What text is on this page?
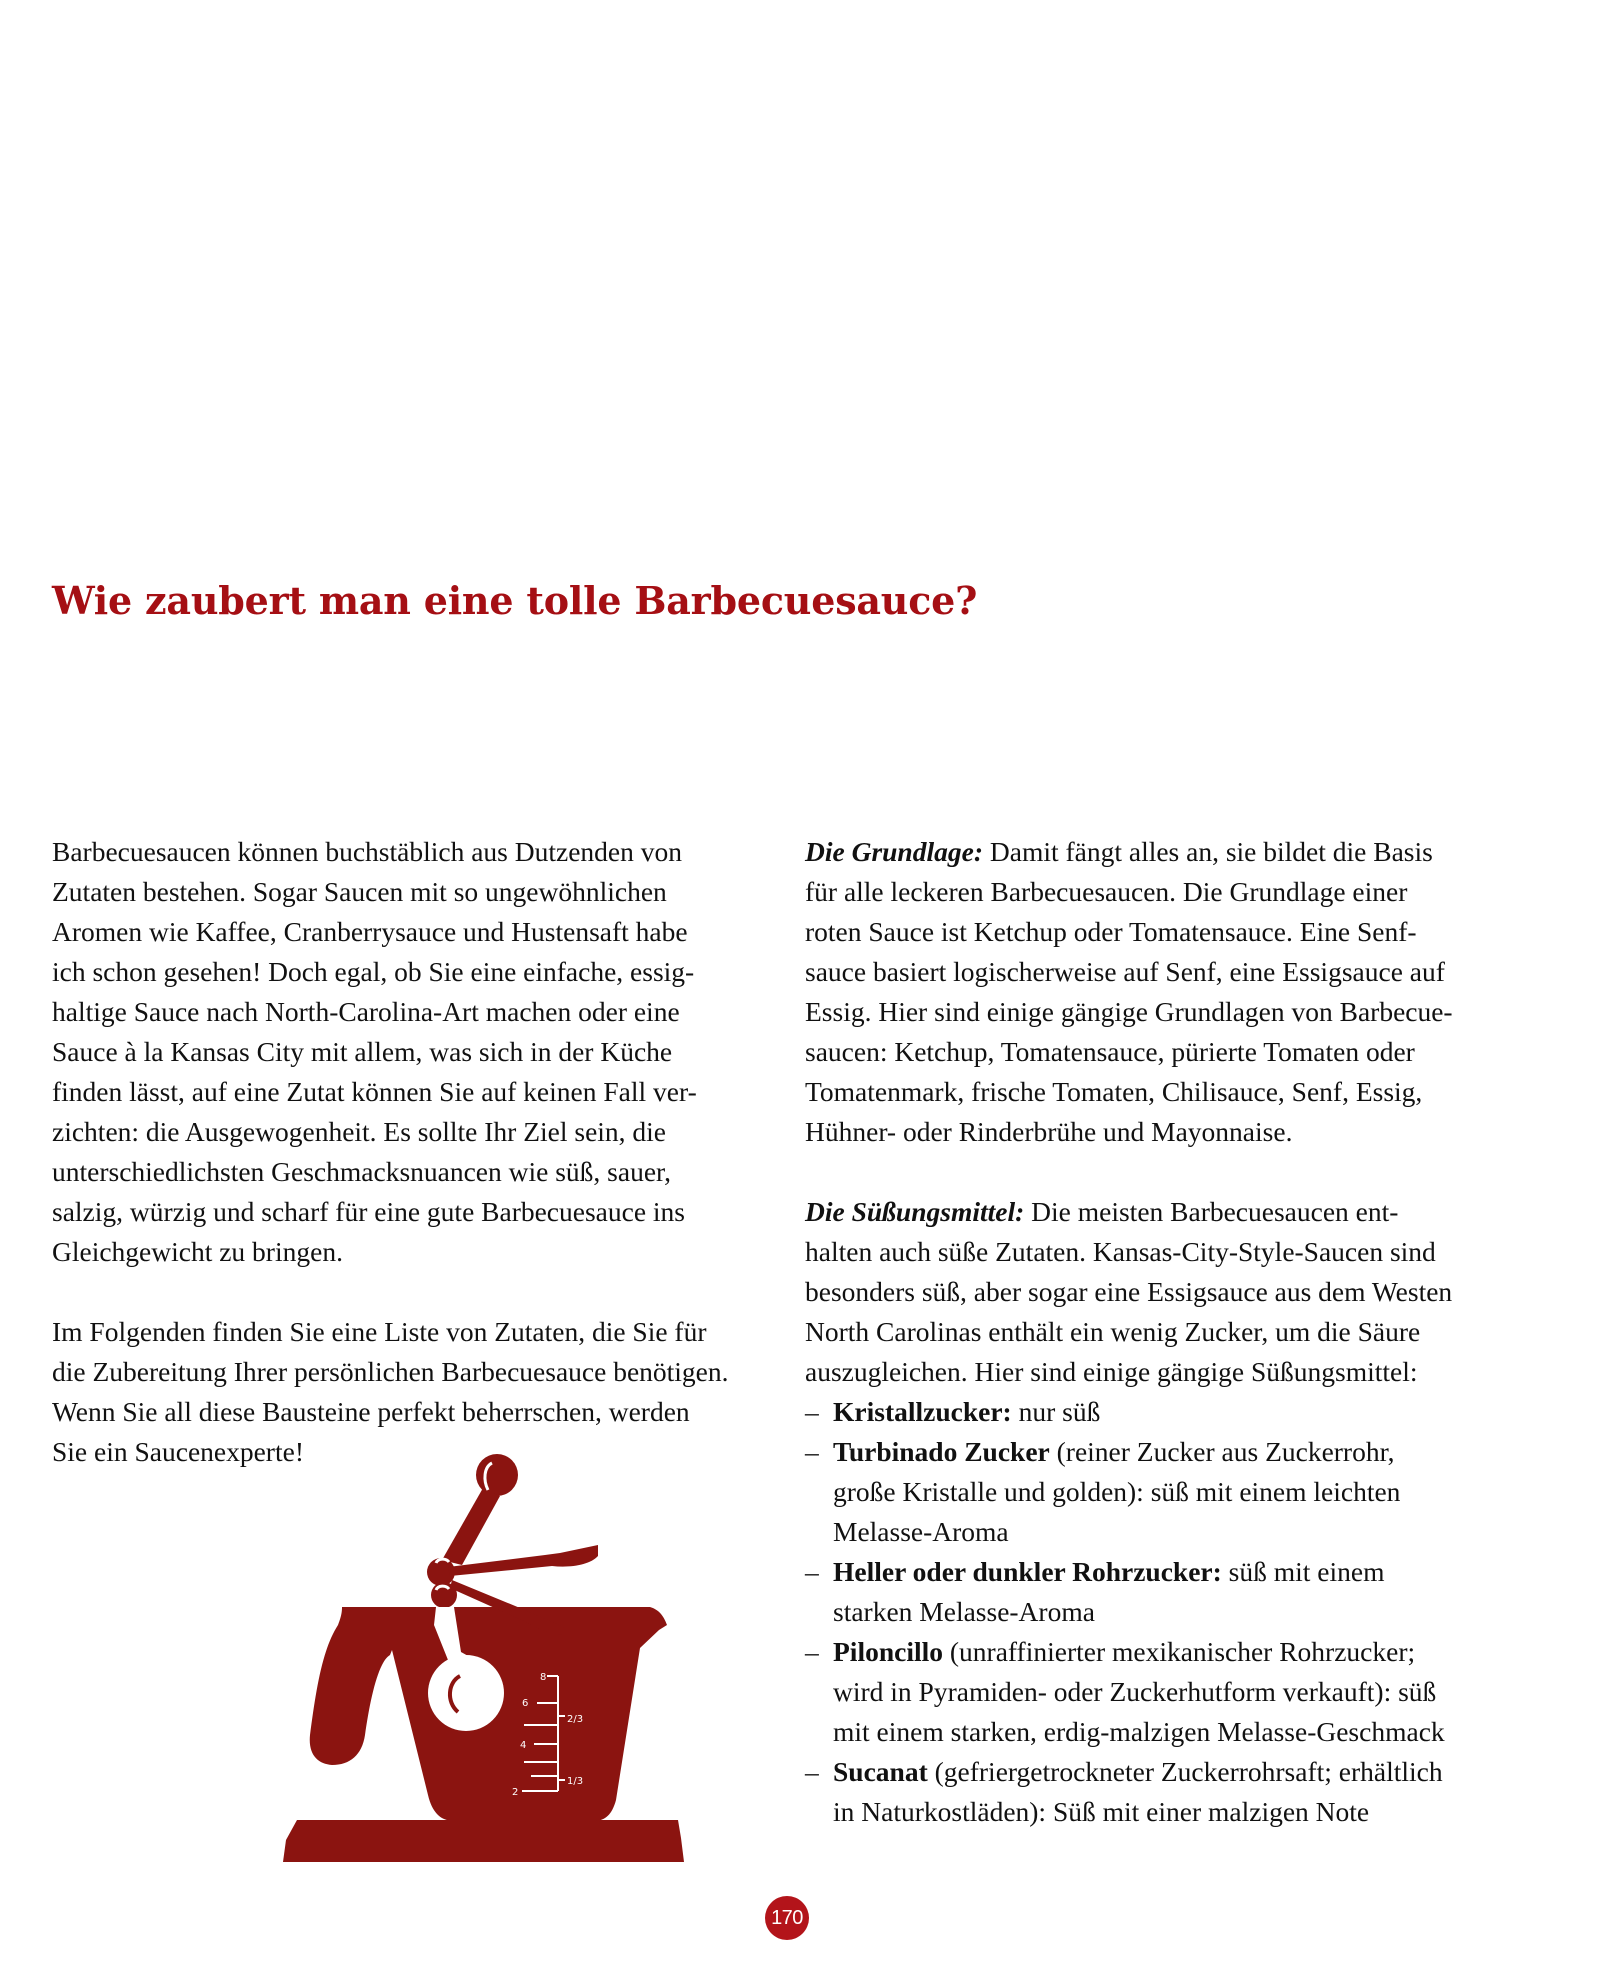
Wie zaubert man eine tolle Barbecuesauce?

Barbecuesaucen können buchstäblich aus Dutzenden von
Zutaten bestehen. Sogar Saucen mit so ungewöhnlichen
Aromen wie Kaffee, Cranberrysauce und Hustensaft habe
ich schon gesehen! Doch egal, ob Sie eine einfache, essig-
haltige Sauce nach North-Carolina-Art machen oder eine
Sauce à la Kansas City mit allem, was sich in der Küche
finden lässt, auf eine Zutat können Sie auf keinen Fall ver-
zichten: die Ausgewogenheit. Es sollte Ihr Ziel sein, die
unterschiedlichsten Geschmacksnuancen wie süß, sauer,
salzig, würzig und scharf für eine gute Barbecuesauce ins
Gleichgewicht zu bringen.

Im Folgenden finden Sie eine Liste von Zutaten, die Sie für
die Zubereitung Ihrer persönlichen Barbecuesauce benötigen.
Wenn Sie all diese Bausteine perfekt beherrschen, werden
Sie ein Saucenexperte!

Die Grundlage: Damit fängt alles an, sie bildet die Basis
für alle leckeren Barbecuesaucen. Die Grundlage einer
roten Sauce ist Ketchup oder Tomatensauce. Eine Senf-
sauce basiert logischerweise auf Senf, eine Essigsauce auf
Essig. Hier sind einige gängige Grundlagen von Barbecue-
saucen: Ketchup, Tomatensauce, pürierte Tomaten oder
Tomatenmark, frische Tomaten, Chilisauce, Senf, Essig,
Hühner- oder Rinderbrühe und Mayonnaise.

Die Süßungsmittel: Die meisten Barbecuesaucen ent-
halten auch süße Zutaten. Kansas-City-Style-Saucen sind
besonders süß, aber sogar eine Essigsauce aus dem Westen
North Carolinas enthält ein wenig Zucker, um die Säure
auszugleichen. Hier sind einige gängige Süßungsmittel:

– Kristallzucker: nur süß
– Turbinado Zucker (reiner Zucker aus Zuckerrohr,
große Kristalle und golden): süß mit einem leichten
Melasse-Aroma
– Heller oder dunkler Rohrzucker: süß mit einem
starken Melasse-Aroma
– Piloncillo (unraffinierter mexikanischer Rohrzucker;
wird in Pyramiden- oder Zuckerhutform verkauft): süß
mit einem starken, erdig-malzigen Melasse-Geschmack
– Sucanat (gefriergetrockneter Zuckerrohrsaft; erhältlich
in Naturkostläden): Süß mit einer malzigen Note
8
6
2/3
4
1/3
2
170
